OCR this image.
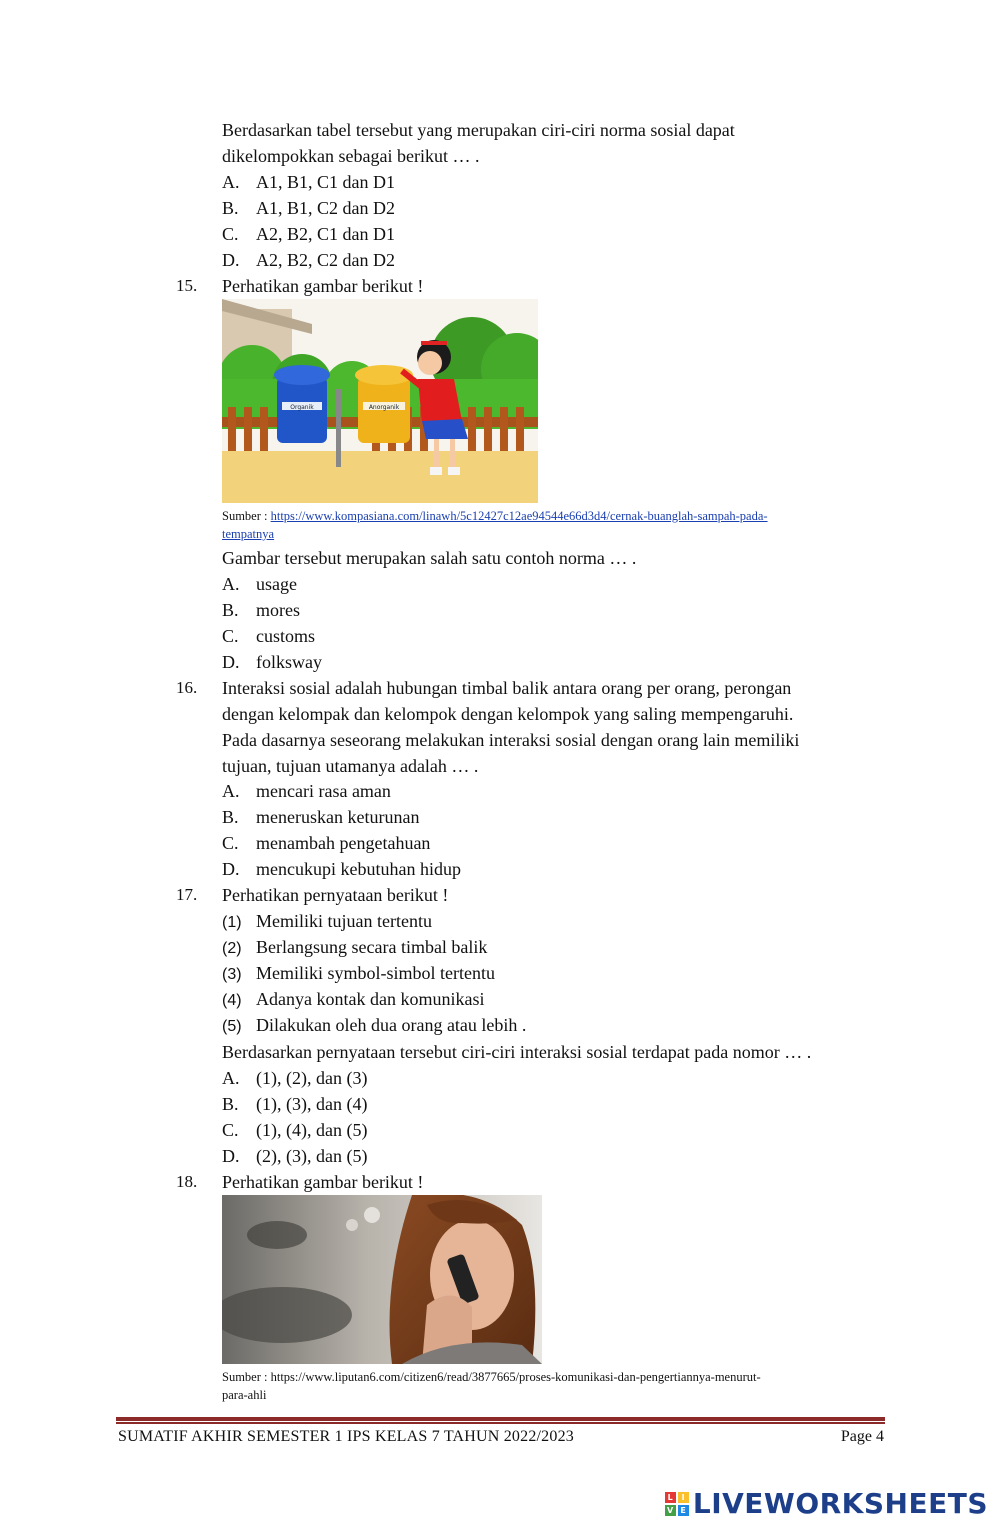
Berdasarkan tabel tersebut yang merupakan ciri-ciri norma sosial dapat
dikelompokkan sebagai berikut … .
A. A1, B1, C1 dan D1
B. A1, B1, C2 dan D2
C. A2, B2, C1 dan D1
D. A2, B2, C2 dan D2
15. Perhatikan gambar berikut !
Organik	Anorganik
Sumber : https://www.kompasiana.com/linawh/5c12427c12ae94544e66d3d4/cernak-buanglah-sampah-pada-
tempatnya
Gambar tersebut merupakan salah satu contoh norma … .
A. usage
B. mores
C. customs
D. folksway
16. Interaksi sosial adalah hubungan timbal balik antara orang per orang, perongan
dengan kelompak dan kelompok dengan kelompok yang saling mempengaruhi.
Pada dasarnya seseorang melakukan interaksi sosial dengan orang lain memiliki
tujuan, tujuan utamanya adalah … .
A. mencari rasa aman
B. meneruskan keturunan
C. menambah pengetahuan
D. mencukupi kebutuhan hidup
17. Perhatikan pernyataan berikut !
(1) Memiliki tujuan tertentu
(2) Berlangsung secara timbal balik
(3) Memiliki symbol-simbol tertentu
(4) Adanya kontak dan komunikasi
(5) Dilakukan oleh dua orang atau lebih .
Berdasarkan pernyataan tersebut ciri-ciri interaksi sosial terdapat pada nomor … .
A. (1), (2), dan (3)
B. (1), (3), dan (4)
C. (1), (4), dan (5)
D. (2), (3), dan (5)
18. Perhatikan gambar berikut !
Sumber : https://www.liputan6.com/citizen6/read/3877665/proses-komunikasi-dan-pengertiannya-menurut-
para-ahli
SUMATIF AKHIR SEMESTER 1 IPS KELAS 7 TAHUN 2022/2023	Page 4
L	I
V E LIVEWORKSHEETS
